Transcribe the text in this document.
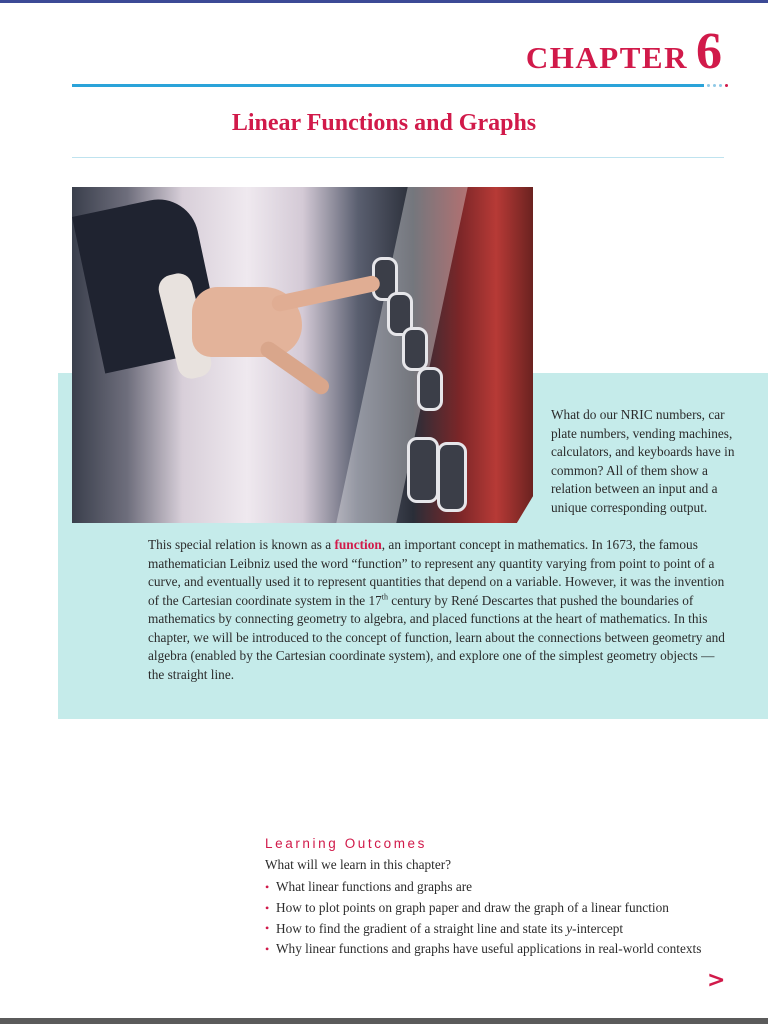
CHAPTER 6
Linear Functions and Graphs
What do our NRIC numbers, car plate numbers, vending machines, calculators, and keyboards have in common? All of them show a relation between an input and a unique corresponding output.
This special relation is known as a function, an important concept in mathematics. In 1673, the famous mathematician Leibniz used the word “function” to represent any quantity varying from point to point of a curve, and eventually used it to represent quantities that depend on a variable. However, it was the invention of the Cartesian coordinate system in the 17th century by René Descartes that pushed the boundaries of mathematics by connecting geometry to algebra, and placed functions at the heart of mathematics. In this chapter, we will be introduced to the concept of function, learn about the connections between geometry and algebra (enabled by the Cartesian coordinate system), and explore one of the simplest geometry objects — the straight line.
Learning Outcomes
What will we learn in this chapter?
• What linear functions and graphs are
• How to plot points on graph paper and draw the graph of a linear function
• How to find the gradient of a straight line and state its y-intercept
• Why linear functions and graphs have useful applications in real-world contexts
>
